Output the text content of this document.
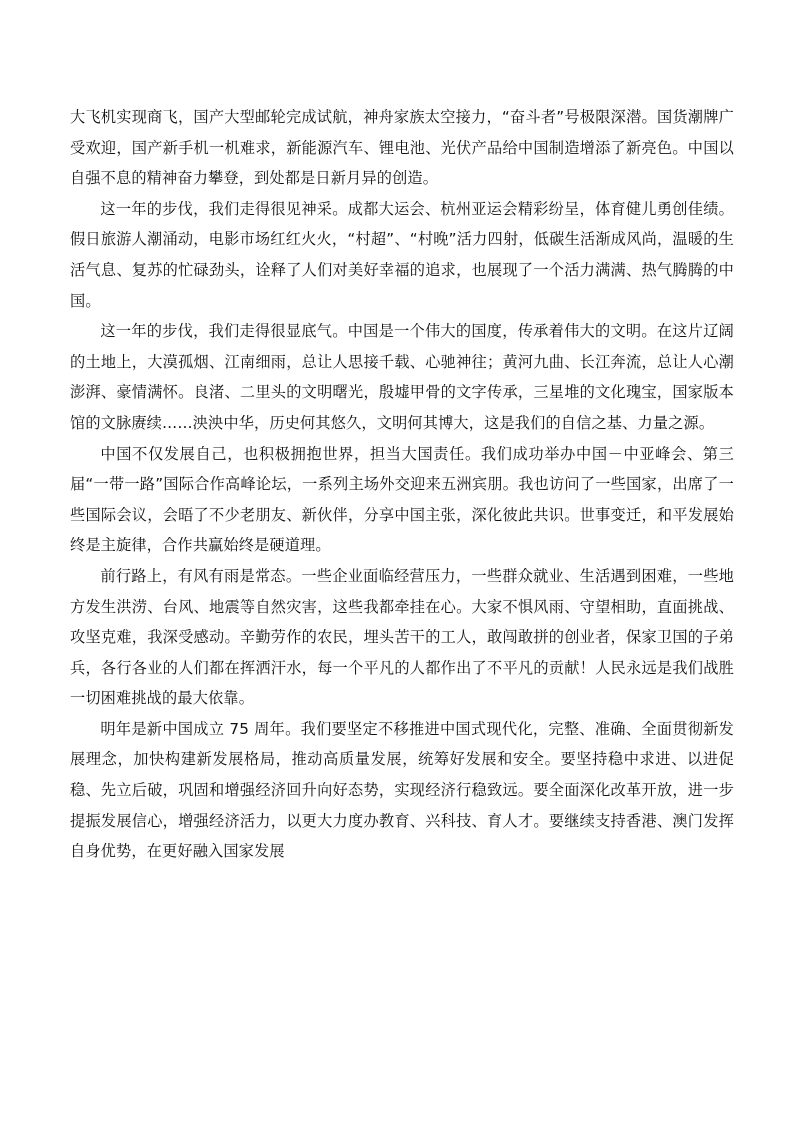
大飞机实现商飞，国产大型邮轮完成试航，神舟家族太空接力，“奋斗者”号极限深潜。国货潮牌广受欢迎，国产新手机一机难求，新能源汽车、锂电池、光伏产品给中国制造增添了新亮色。中国以自强不息的精神奋力攀登，到处都是日新月异的创造。

这一年的步伐，我们走得很见神采。成都大运会、杭州亚运会精彩纷呈，体育健儿勇创佳绩。假日旅游人潮涌动，电影市场红红火火，“村超”、“村晚”活力四射，低碳生活渐成风尚，温暖的生活气息、复苏的忙碌劲头，诠释了人们对美好幸福的追求，也展现了一个活力满满、热气腾腾的中国。

这一年的步伐，我们走得很显底气。中国是一个伟大的国度，传承着伟大的文明。在这片辽阔的土地上，大漠孤烟、江南细雨，总让人思接千载、心驰神往；黄河九曲、长江奔流，总让人心潮澎湃、豪情满怀。良渚、二里头的文明曙光，殷墟甲骨的文字传承，三星堆的文化瑰宝，国家版本馆的文脉赓续……泱泱中华，历史何其悠久，文明何其博大，这是我们的自信之基、力量之源。

中国不仅发展自己，也积极拥抱世界，担当大国责任。我们成功举办中国－中亚峰会、第三届“一带一路”国际合作高峰论坛，一系列主场外交迎来五洲宾朋。我也访问了一些国家，出席了一些国际会议，会晤了不少老朋友、新伙伴，分享中国主张，深化彼此共识。世事变迁，和平发展始终是主旋律，合作共赢始终是硬道理。

前行路上，有风有雨是常态。一些企业面临经营压力，一些群众就业、生活遇到困难，一些地方发生洪涝、台风、地震等自然灾害，这些我都牵挂在心。大家不惧风雨、守望相助，直面挑战、攻坚克难，我深受感动。辛勤劳作的农民，埋头苦干的工人，敢闯敢拼的创业者，保家卫国的子弟兵，各行各业的人们都在挥洒汗水，每一个平凡的人都作出了不平凡的贡献！人民永远是我们战胜一切困难挑战的最大依靠。

明年是新中国成立 75 周年。我们要坚定不移推进中国式现代化，完整、准确、全面贯彻新发展理念，加快构建新发展格局，推动高质量发展，统筹好发展和安全。要坚持稳中求进、以进促稳、先立后破，巩固和增强经济回升向好态势，实现经济行稳致远。要全面深化改革开放，进一步提振发展信心，增强经济活力，以更大力度办教育、兴科技、育人才。要继续支持香港、澳门发挥自身优势，在更好融入国家发展
